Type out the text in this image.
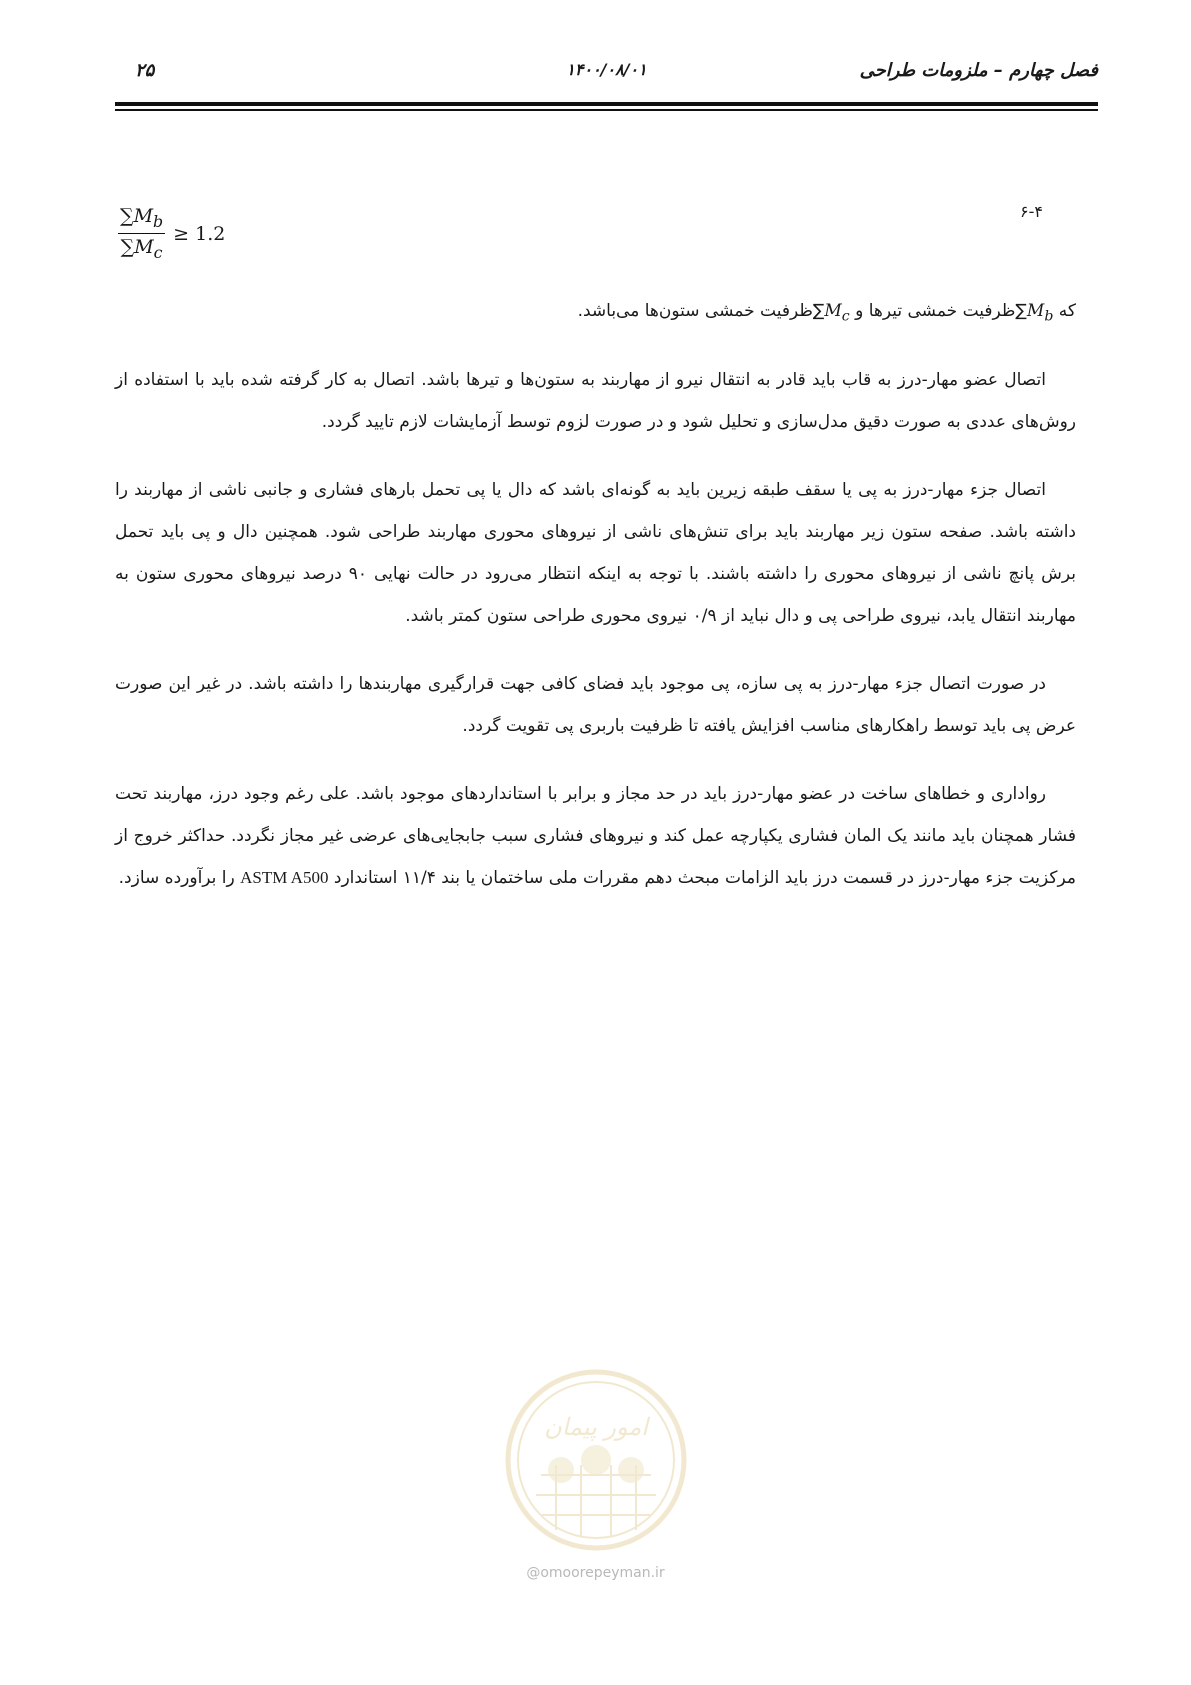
فصل چهارم – ملزومات طراحی
۱۴۰۰/۰۸/۰۱
۲۵
۶-۴
$\frac{\sum M_b}{\sum M_c} \ge 1.2$

که $M_b\sum ظرفیت$ خمشی تیرها و $M_c\sum ظرفیت$ خمشی ستون‌ها می‌باشد.

اتصال عضو مهار-درز به قاب باید قادر به انتقال نیرو از مهاربند به ستون‌ها و تیرها باشد. اتصال به کار گرفته شده باید با استفاده از روش‌های عددی به صورت دقیق مدل‌سازی و تحلیل شود و در صورت لزوم توسط آزمایشات لازم تایید گردد.

اتصال جزء مهار-درز به پی یا سقف طبقه زیرین باید به گونه‌ای باشد که دال یا پی تحمل بارهای فشاری و جانبی ناشی از مهاربند را داشته باشد. صفحه ستون زیر مهاربند باید برای تنش‌های ناشی از نیروهای محوری مهاربند طراحی شود. همچنین دال و پی باید تحمل برش پانچ ناشی از نیروهای محوری را داشته باشند. با توجه به اینکه انتظار می‌رود در حالت نهایی ۹۰ درصد نیروهای محوری ستون به مهاربند انتقال یابد، نیروی طراحی پی و دال نباید از ۰/۹ نیروی محوری طراحی ستون کمتر باشد.

در صورت اتصال جزء مهار-درز به پی سازه، پی موجود باید فضای کافی جهت قرارگیری مهاربندها را داشته باشد. در غیر این صورت عرض پی باید توسط راهکارهای مناسب افزایش یافته تا ظرفیت باربری پی تقویت گردد.

رواداری و خطاهای ساخت در عضو مهار-درز باید در حد مجاز و برابر با استانداردهای موجود باشد. علی رغم وجود درز، مهاربند تحت فشار همچنان باید مانند یک المان فشاری یکپارچه عمل کند و نیروهای فشاری سبب جابجایی‌های عرضی غیر مجاز نگردد. حداکثر خروج از مرکزیت جزء مهار-درز در قسمت درز باید الزامات مبحث دهم مقررات ملی ساختمان یا بند ۱۱/۴ استاندارد ASTM A500 را برآورده سازد.

امور پیمان
@omoorepeyman.ir
